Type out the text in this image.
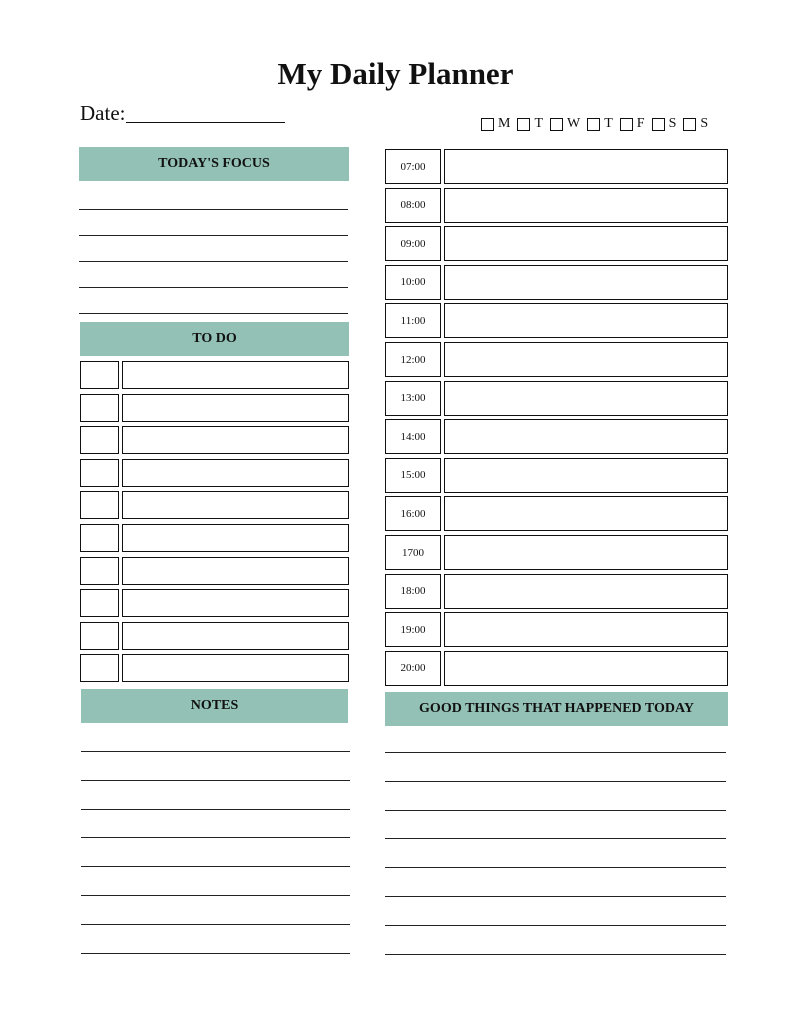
My Daily Planner
Date:	M T W T F S S
TODAY'S FOCUS
TO DO
NOTES
07:00
08:00
09:00
10:00
11:00
12:00
13:00
14:00
15:00
16:00
1700
18:00
19:00
20:00
GOOD THINGS THAT HAPPENED TODAY
